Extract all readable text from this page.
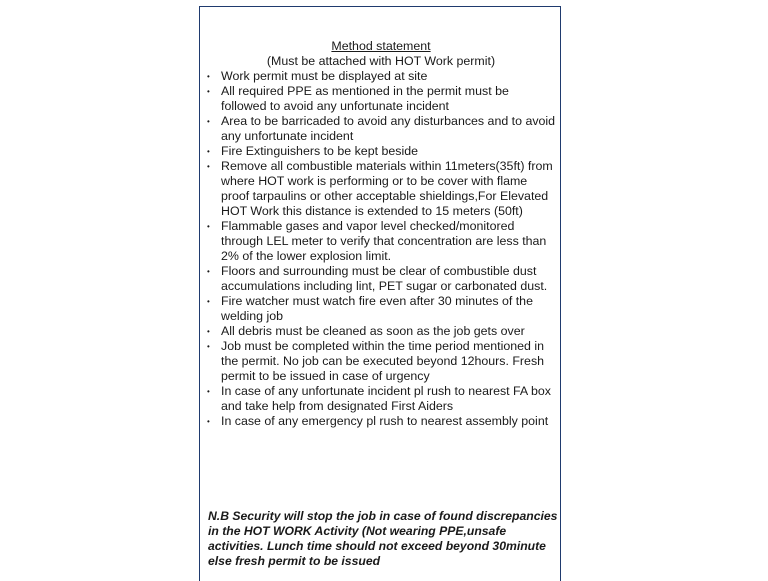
Method statement

(Must be attached with HOT Work permit)

• Work permit must be displayed at site
• All required PPE as mentioned in the permit must be followed to avoid any unfortunate incident
• Area to be barricaded to avoid any disturbances and to avoid any unfortunate incident
• Fire Extinguishers to be kept beside
• Remove all combustible materials within 11meters(35ft) from where HOT work is performing or to be cover with flame proof tarpaulins or other acceptable shieldings,For Elevated HOT Work this distance is extended to 15 meters (50ft)
• Flammable gases and vapor level checked/monitored through LEL meter to verify that concentration are less than 2% of the lower explosion limit.
• Floors and surrounding must be clear of combustible dust accumulations including lint, PET sugar or carbonated dust.
• Fire watcher must watch fire even after 30 minutes of the welding job
• All debris must be cleaned as soon as the job gets over
• Job must be completed within the time period mentioned in the permit. No job can be executed beyond 12hours. Fresh permit to be issued in case of urgency
• In case of any unfortunate incident pl rush to nearest FA box and take help from designated First Aiders
• In case of any emergency pl rush to nearest assembly point

N.B Security will stop the job in case of found discrepancies in the HOT WORK Activity (Not wearing PPE,unsafe activities. Lunch time should not exceed beyond 30minute else fresh permit to be issued
